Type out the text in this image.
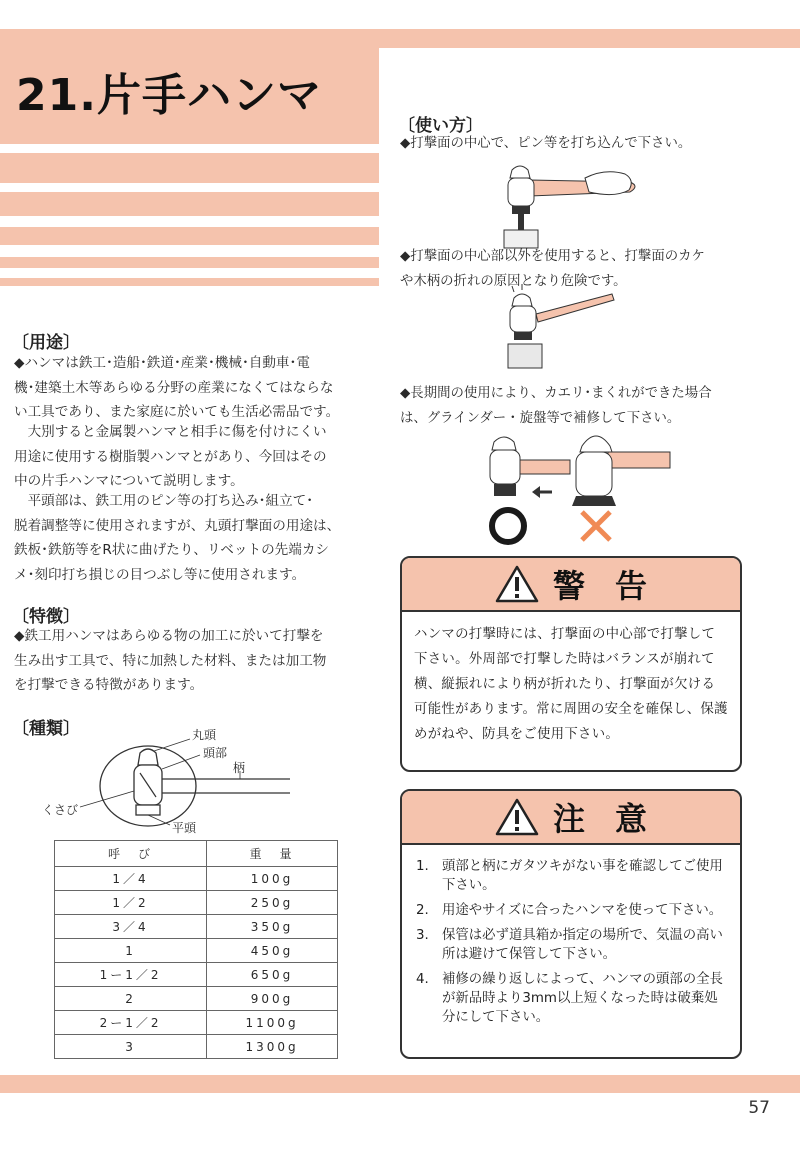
21.片手ハンマ
〔用途〕
◆ハンマは鉄工･造船･鉄道･産業･機械･自動車･電
機･建築土木等あらゆる分野の産業になくてはならな
い工具であり、また家庭に於いても生活必需品です。
　大別すると金属製ハンマと相手に傷を付けにくい
用途に使用する樹脂製ハンマとがあり、今回はその
中の片手ハンマについて説明します。
　平頭部は、鉄工用のピン等の打ち込み･組立て･
脱着調整等に使用されますが、丸頭打撃面の用途は、
鉄板･鉄筋等をR状に曲げたり、リベットの先端カシ
メ･刻印打ち損じの目つぶし等に使用されます。
〔特徴〕
◆鉄工用ハンマはあらゆる物の加工に於いて打撃を
生み出す工具で、特に加熱した材料、または加工物
を打撃できる特徴があります。
〔種類〕	丸頭
頭部
柄
くさび
平頭
呼　び	重　量
1／4	100g
1／2	250g
3／4	350g
1	450g
1ー1／2	650g
2	900g
2ー1／2	1100g
3	1300g
〔使い方〕
◆打撃面の中心で、ピン等を打ち込んで下さい。
◆打撃面の中心部以外を使用すると、打撃面のカケ
や木柄の折れの原因となり危険です。
◆長期間の使用により、カエリ･まくれができた場合
は、グラインダー・旋盤等で補修して下さい。
警告
ハンマの打撃時には、打撃面の中心部で打撃して下さい。外周部で打撃した時はバランスが崩れて横、縦振れにより柄が折れたり、打撃面が欠ける可能性があります。常に周囲の安全を確保し、保護めがねや、防具をご使用下さい。
注意
1. 頭部と柄にガタツキがない事を確認してご使用下さい。
2. 用途やサイズに合ったハンマを使って下さい。
3. 保管は必ず道具箱か指定の場所で、気温の高い所は避けて保管して下さい。
4. 補修の繰り返しによって、ハンマの頭部の全長が新品時より3mm以上短くなった時は破棄処分にして下さい。
57
